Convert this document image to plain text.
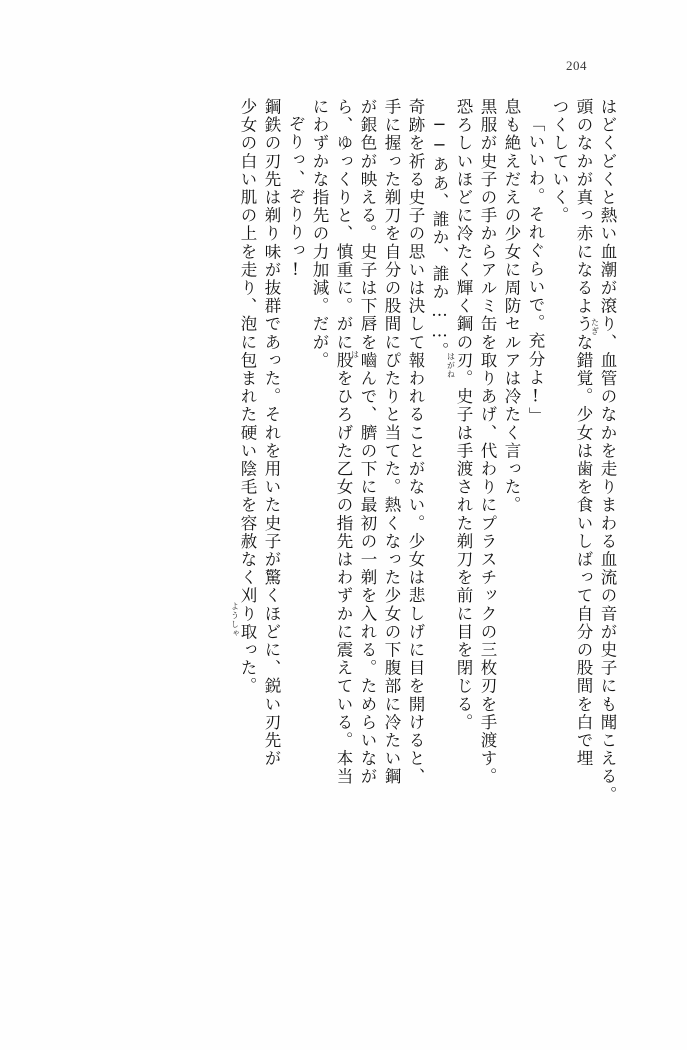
204
はどくどくと熱い血潮が滾り、血管のなかを走りまわる血流の音が史子にも聞こえる。
頭のなかが真っ赤になるような錯覚。少女は歯を食いしばって自分の股間を白で埋
つくしていく。
「いいわ。それぐらいで。充分よ!」
息も絶えだえの少女に周防セルアは冷たく言った。
黒服が史子の手からアルミ缶を取りあげ、代わりにプラスチックの三枚刃を手渡す。
恐ろしいほどに冷たく輝く鋼の刃。史子は手渡された剃刀を前に目を閉じる。
──ああ、誰か、誰か……。
奇跡を祈る史子の思いは決して報われることがない。少女は悲しげに目を開けると、
手に握った剃刀を自分の股間にぴたりと当てた。熱くなった少女の下腹部に冷たい鋼
が銀色が映える。史子は下唇を嚙んで、臍の下に最初の一剃を入れる。ためらいなが
ら、ゆっくりと、慎重に。がに股をひろげた乙女の指先はわずかに震えている。本当
にわずかな指先の力加減。だが。
ぞりっ、ぞりりっ!
鋼鉄の刃先は剃り味が抜群であった。それを用いた史子が驚くほどに、鋭い刃先が
少女の白い肌の上を走り、泡に包まれた硬い陰毛を容赦なく刈り取った。	たぎ
はがね
は
ようしゃ
